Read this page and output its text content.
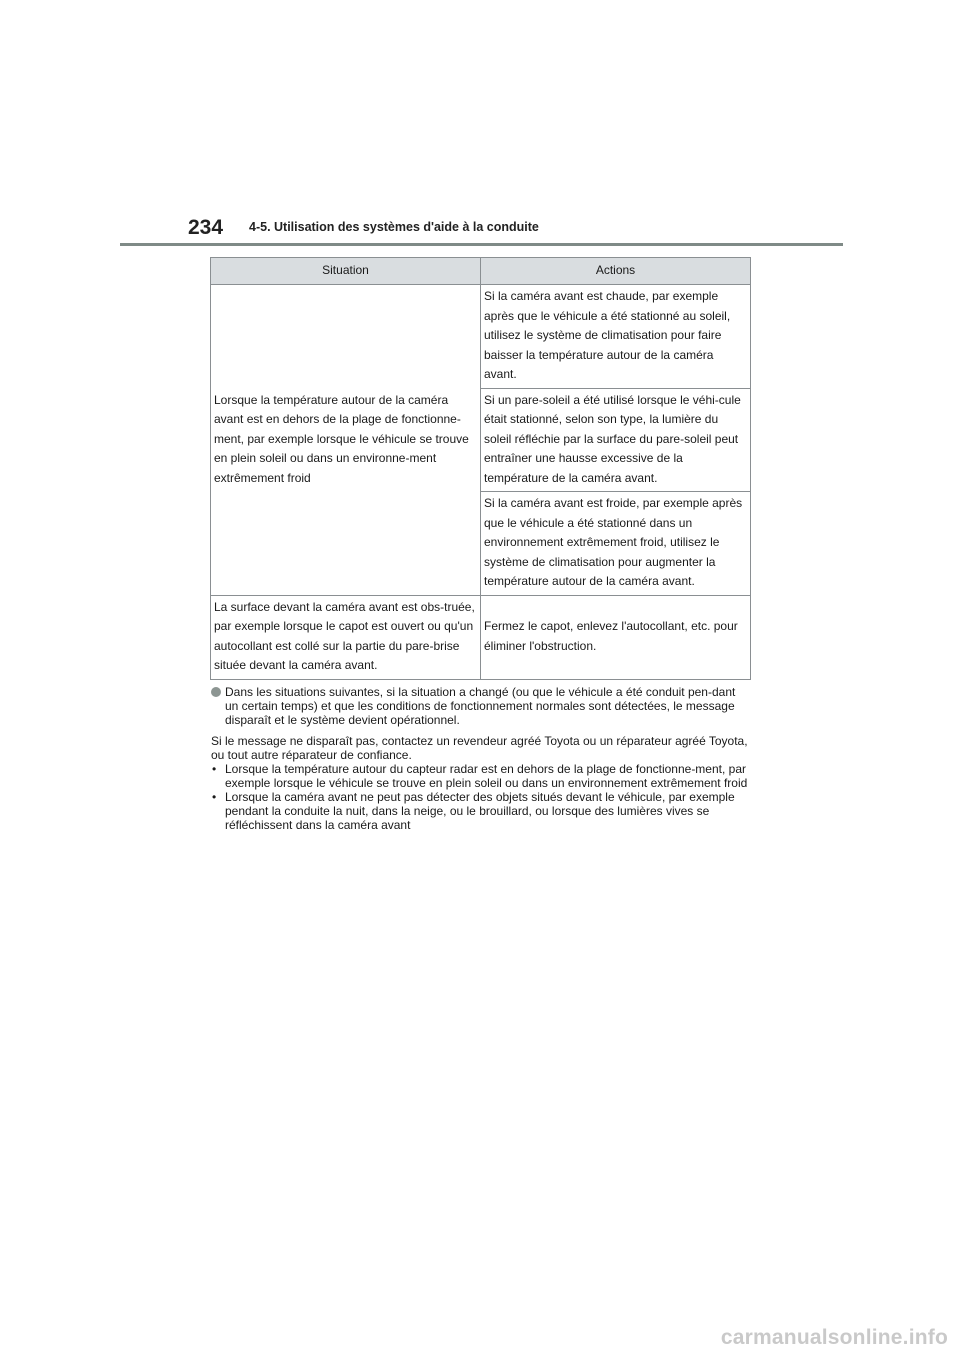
234 4-5. Utilisation des systèmes d'aide à la conduite
Situation	Actions
Lorsque la température autour de la caméra avant est en dehors de la plage de fonctionne-ment, par exemple lorsque le véhicule se trouve en plein soleil ou dans un environne-ment extrêmement froid	Si la caméra avant est chaude, par exemple après que le véhicule a été stationné au soleil, utilisez le système de climatisation pour faire baisser la température autour de la caméra avant.
	Si un pare-soleil a été utilisé lorsque le véhi-cule était stationné, selon son type, la lumière du soleil réfléchie par la surface du pare-soleil peut entraîner une hausse excessive de la température de la caméra avant.
	Si la caméra avant est froide, par exemple après que le véhicule a été stationné dans un environnement extrêmement froid, utilisez le système de climatisation pour augmenter la température autour de la caméra avant.
La surface devant la caméra avant est obs-truée, par exemple lorsque le capot est ouvert ou qu'un autocollant est collé sur la partie du pare-brise située devant la caméra avant.	Fermez le capot, enlevez l'autocollant, etc. pour éliminer l'obstruction.
Dans les situations suivantes, si la situation a changé (ou que le véhicule a été conduit pen-dant un certain temps) et que les conditions de fonctionnement normales sont détectées, le message disparaît et le système devient opérationnel.

Si le message ne disparaît pas, contactez un revendeur agréé Toyota ou un réparateur agréé Toyota, ou tout autre réparateur de confiance.

• Lorsque la température autour du capteur radar est en dehors de la plage de fonctionne-ment, par exemple lorsque le véhicule se trouve en plein soleil ou dans un environnement extrêmement froid
• Lorsque la caméra avant ne peut pas détecter des objets situés devant le véhicule, par exemple pendant la conduite la nuit, dans la neige, ou le brouillard, ou lorsque des lumières vives se réfléchissent dans la caméra avant
carmanualsonline.info
